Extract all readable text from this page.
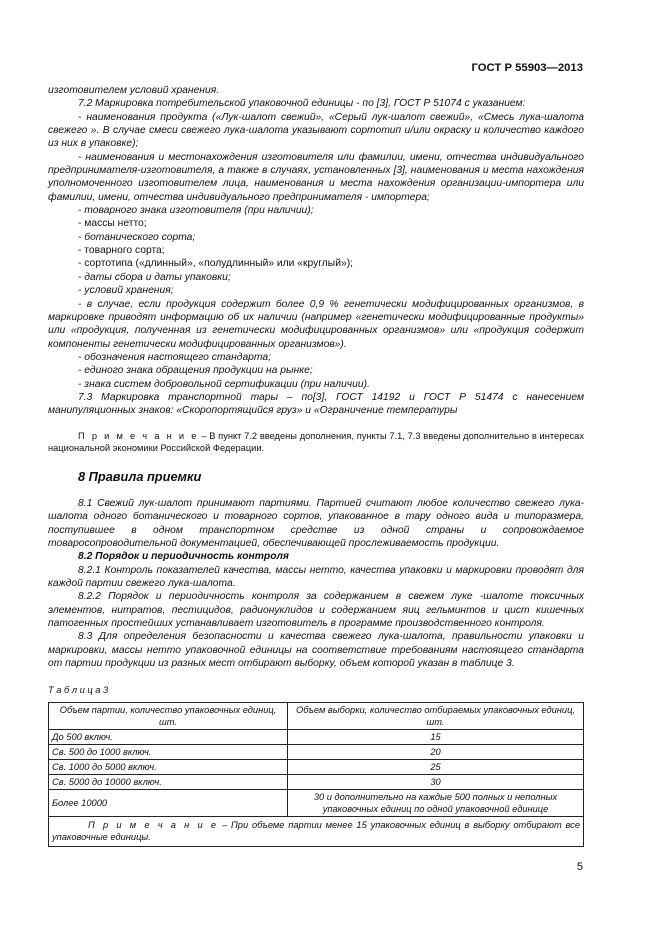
ГОСТ Р 55903—2013

изготовителем условий хранения.

7.2 Маркировка потребительской упаковочной единицы - по [3], ГОСТ Р 51074 с указанием:

- наименования продукта («Лук-шалот свежий», «Серый лук-шалот свежий», «Смесь лука-шалота свежего ». В случае смеси свежего лука-шалота указывают сортотип и/или окраску и количество каждого из них в упаковке);

- наименования и местонахождения изготовителя или фамилии, имени, отчества индивидуального предпринимателя-изготовителя, а также в случаях, установленных [3], наименования и места нахождения уполномоченного изготовителем лица, наименования и места нахождения организации-импортера или фамилии, имени, отчества индивидуального предпринимателя - импортера;

- товарного знака изготовителя (при наличии);

- массы нетто;

- ботанического сорта;

- товарного сорта;

- сортотипа («длинный», «полудлинный» или «круглый»);

- даты сбора и даты упаковки;

- условий хранения;

- в случае, если продукция содержит более 0,9 % генетически модифицированных организмов, в маркировке приводят информацию об их наличии (например «генетически модифицированные продукты» или «продукция, полученная из генетически модифицированных организмов» или «продукция содержит компоненты генетически модифицированных организмов»).

- обозначения настоящего стандарта;

- единого знака обращения продукции на рынке;

- знака систем добровольной сертификации (при наличии).

7.3 Маркировка транспортной тары – по[3], ГОСТ 14192 и ГОСТ Р 51474 с нанесением манипуляционных знаков: «Скоропортящийся груз» и «Ограничение температуры

П р и м е ч а н и е – В пункт 7.2 введены дополнения, пункты 7.1, 7.3 введены дополнительно в интересах национальной экономики Российской Федерации.

8 Правила приемки

8.1 Свежий лук-шалот принимают партиями. Партией считают любое количество свежего лука-шалота одного ботанического и товарного сортов, упакованное в тару одного вида и типоразмера, поступившее в одном транспортном средстве из одной страны и сопровождаемое товаросопроводительной документацией, обеспечивающей прослеживаемость продукции.

8.2 Порядок и периодичность контроля

8.2.1 Контроль показателей качества, массы нетто, качества упаковки и маркировки проводят для каждой партии свежего лука-шалота.

8.2.2 Порядок и периодичность контроля за содержанием в свежем луке -шалоте токсичных элементов, нитратов, пестицидов, радионуклидов и содержанием яиц гельминтов и цист кишечных патогенных простейших устанавливает изготовитель в программе производственного контроля.

8.3 Для определения безопасности и качества свежего лука-шалота, правильности упаковки и маркировки, массы нетто упаковочной единицы на соответствие требованиям настоящего стандарта от партии продукции из разных мест отбирают выборку, объем которой указан в таблице 3.

Т а б л и ц а 3
Объем партии, количество упаковочных единиц, шт.	Объем выборки, количество отбираемых упаковочных единиц, шт.
До 500 включ.	15
Св. 500 до 1000 включ.	20
Св. 1000 до 5000 включ.	25
Св. 5000 до 10000 включ.	30
Более 10000	30 и дополнительно на каждые 500 полных и неполных упаковочных единиц по одной упаковочной единице
П р и м е ч а н и е – При объеме партии менее 15 упаковочных единиц в выборку отбирают все упаковочные единицы.	
5
